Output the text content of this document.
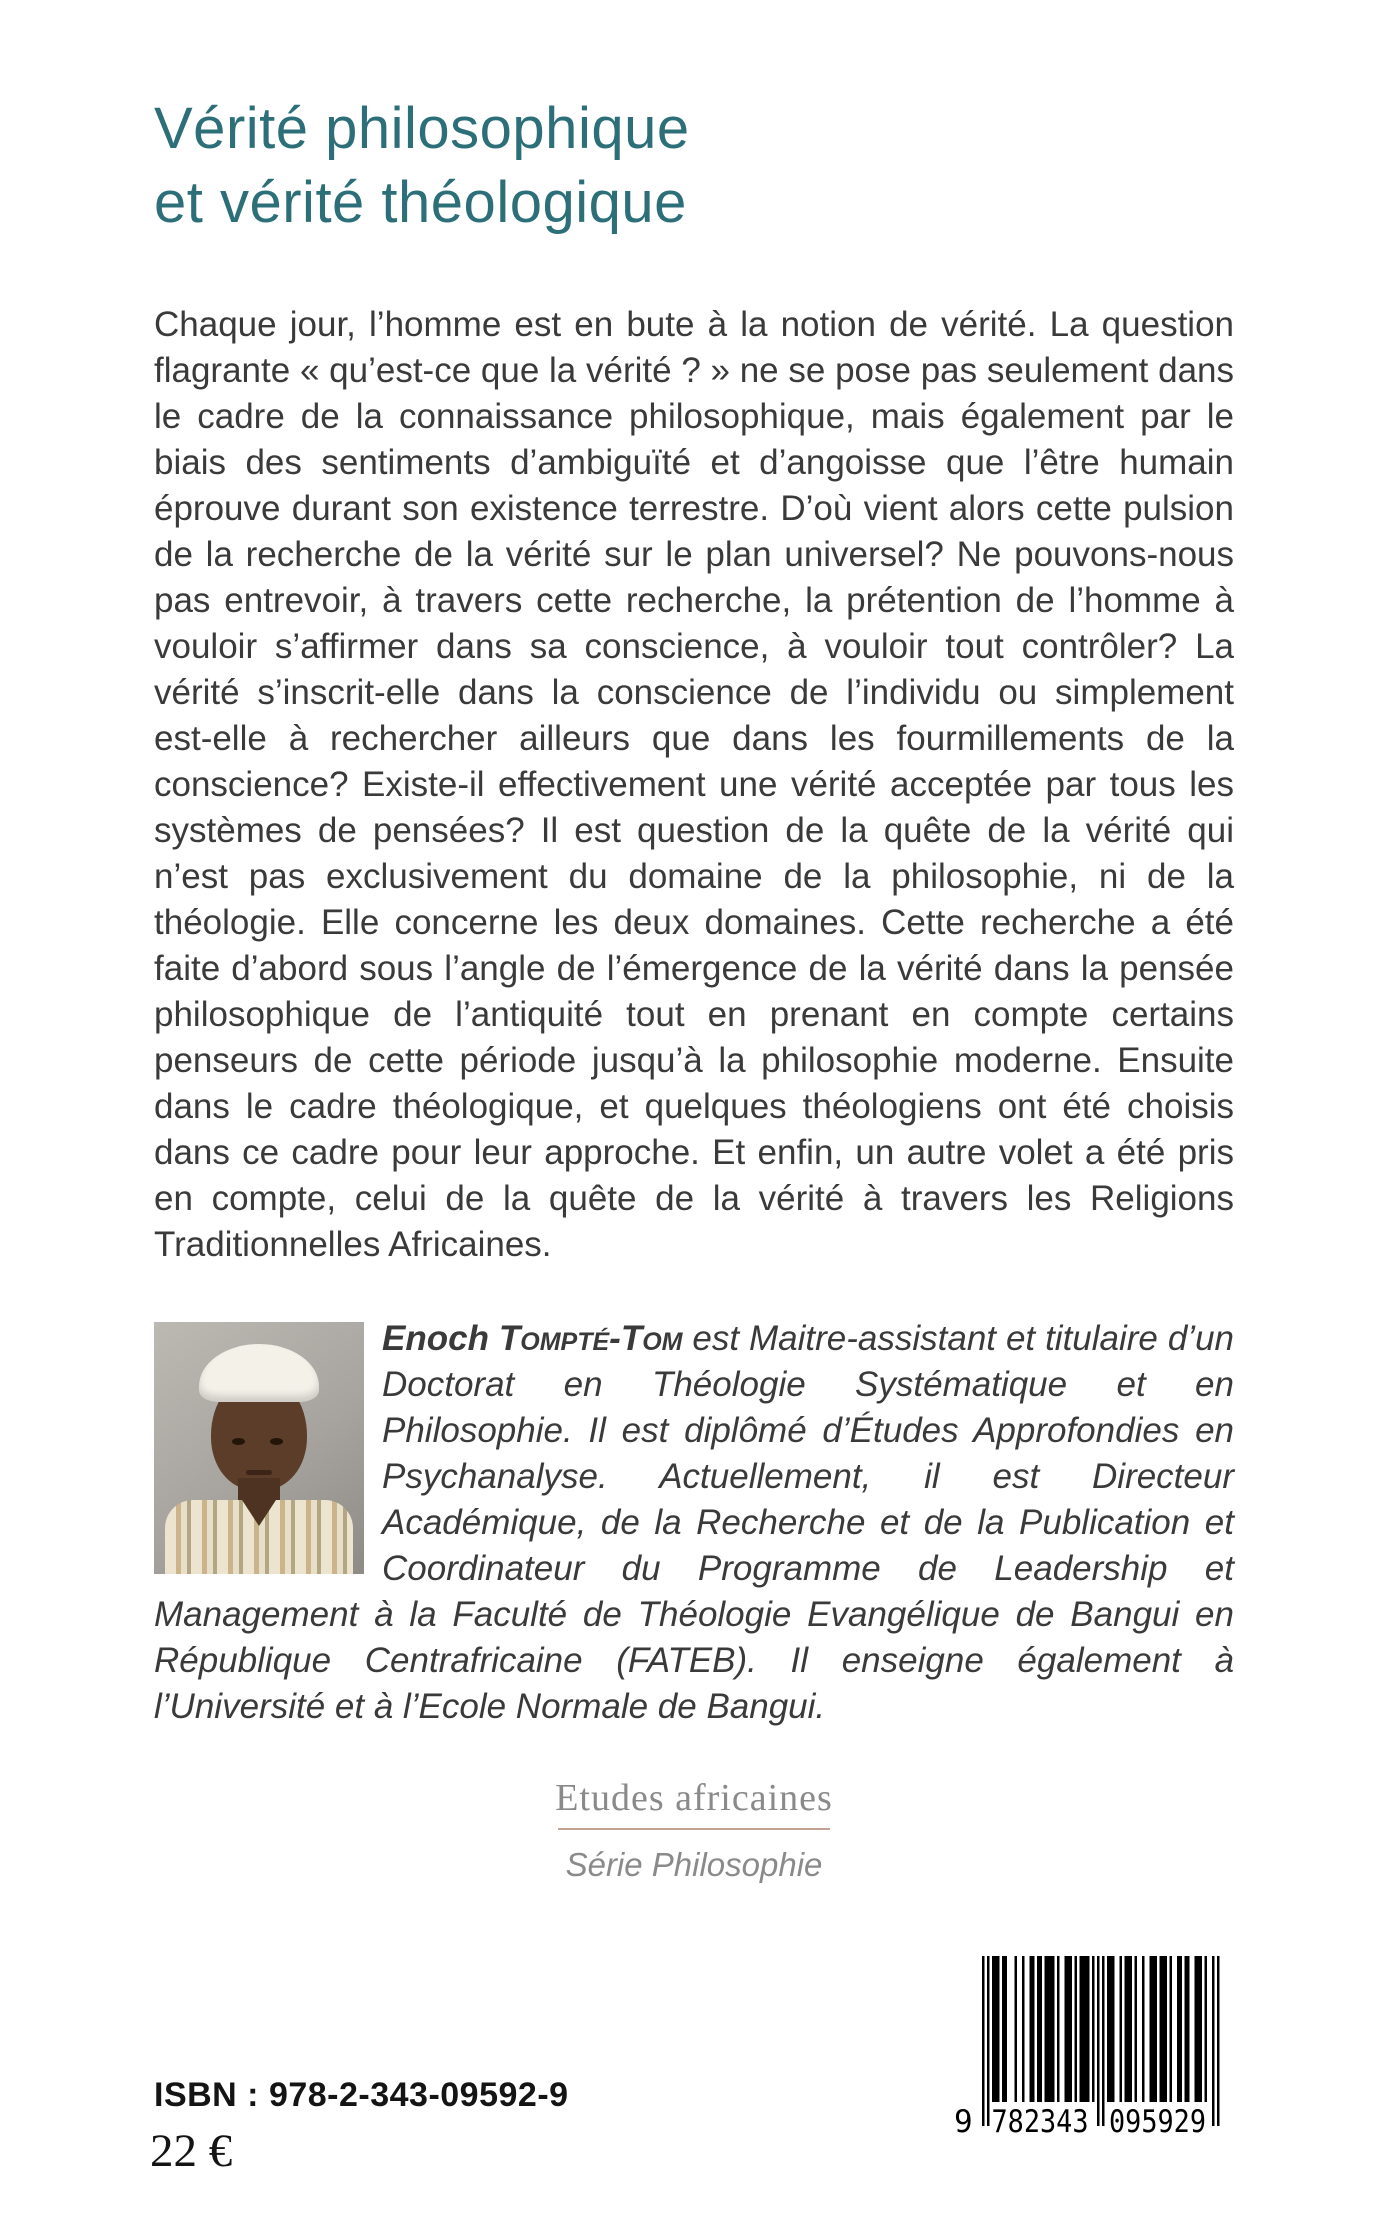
Vérité philosophique
et vérité théologique

Chaque jour, l’homme est en bute à la notion de vérité. La question flagrante « qu’est-ce que la vérité ? » ne se pose pas seulement dans le cadre de la connaissance philosophique, mais également par le biais des sentiments d’ambiguïté et d’angoisse que l’être humain éprouve durant son existence terrestre. D’où vient alors cette pulsion de la recherche de la vérité sur le plan universel? Ne pouvons-nous pas entrevoir, à travers cette recherche, la prétention de l’homme à vouloir s’affirmer dans sa conscience, à vouloir tout contrôler? La vérité s’inscrit-elle dans la conscience de l’individu ou simplement est-elle à rechercher ailleurs que dans les fourmillements de la conscience? Existe-il effectivement une vérité acceptée par tous les systèmes de pensées? Il est question de la quête de la vérité qui n’est pas exclusivement du domaine de la philosophie, ni de la théologie. Elle concerne les deux domaines. Cette recherche a été faite d’abord sous l’angle de l’émergence de la vérité dans la pensée philosophique de l’antiquité tout en prenant en compte certains penseurs de cette période jusqu’à la philosophie moderne. Ensuite dans le cadre théologique, et quelques théologiens ont été choisis dans ce cadre pour leur approche. Et enfin, un autre volet a été pris en compte, celui de la quête de la vérité à travers les Religions Traditionnelles Africaines.

Enoch Tompté-Tom est Maitre-assistant et titulaire d’un Doctorat en Théologie Systématique et en Philosophie. Il est diplômé d’Études Approfondies en Psychanalyse. Actuellement, il est Directeur Académique, de la Recherche et de la Publication et Coordinateur du Programme de Leadership et Management à la Faculté de Théologie Evangélique de Bangui en République Centrafricaine (FATEB). Il enseigne également à l’Université et à l’Ecole Normale de Bangui.

Etudes africaines
Série Philosophie
ISBN : 978-2-343-09592-9
22 €
9 782343 095929
